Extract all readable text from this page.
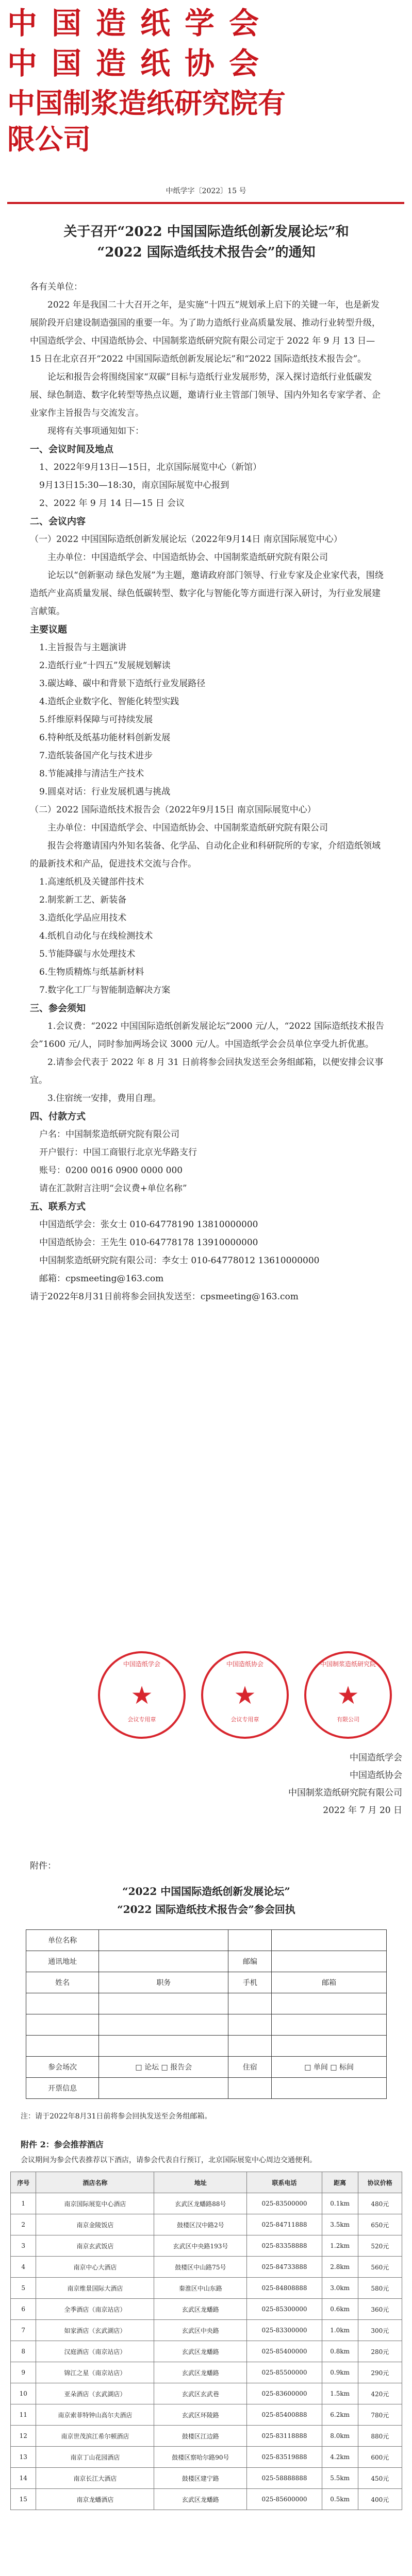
中国造纸学会
中国造纸协会
中国制浆造纸研究院有限公司
中纸学字〔2022〕15 号
关于召开“2022 中国国际造纸创新发展论坛”和
“2022 国际造纸技术报告会”的通知

各有关单位：

2022 年是我国二十大召开之年，是实施“十四五”规划承上启下的关键一年，也是新发展阶段开启建设制造强国的重要一年。为了助力造纸行业高质量发展、推动行业转型升级，中国造纸学会、中国造纸协会、中国制浆造纸研究院有限公司定于 2022 年 9 月 13 日—15 日在北京召开“2022 中国国际造纸创新发展论坛”和“2022 国际造纸技术报告会”。

论坛和报告会将围绕国家“双碳”目标与造纸行业发展形势，深入探讨造纸行业低碳发展、绿色制造、数字化转型等热点议题，邀请行业主管部门领导、国内外知名专家学者、企业家作主旨报告与交流发言。

现将有关事项通知如下：

一、会议时间及地点

1、2022年9月13日—15日，北京国际展览中心（新馆）

9月13日15:30—18:30，南京国际展览中心报到

2、2022 年 9 月 14 日—15 日 会议

二、会议内容

（一）2022 中国国际造纸创新发展论坛（2022年9月14日 南京国际展览中心）

主办单位：中国造纸学会、中国造纸协会、中国制浆造纸研究院有限公司

论坛以“创新驱动 绿色发展”为主题，邀请政府部门领导、行业专家及企业家代表，围绕造纸产业高质量发展、绿色低碳转型、数字化与智能化等方面进行深入研讨，为行业发展建言献策。

主要议题

1.主旨报告与主题演讲

2.造纸行业“十四五”发展规划解读

3.碳达峰、碳中和背景下造纸行业发展路径

4.造纸企业数字化、智能化转型实践

5.纤维原料保障与可持续发展

6.特种纸及纸基功能材料创新发展

7.造纸装备国产化与技术进步

8.节能减排与清洁生产技术

9.圆桌对话：行业发展机遇与挑战

（二）2022 国际造纸技术报告会（2022年9月15日 南京国际展览中心）

主办单位：中国造纸学会、中国造纸协会、中国制浆造纸研究院有限公司

报告会将邀请国内外知名装备、化学品、自动化企业和科研院所的专家，介绍造纸领域的最新技术和产品，促进技术交流与合作。

1.高速纸机及关键部件技术

2.制浆新工艺、新装备

3.造纸化学品应用技术

4.纸机自动化与在线检测技术

5.节能降碳与水处理技术

6.生物质精炼与纸基新材料

7.数字化工厂与智能制造解决方案

三、参会须知

1.会议费：“2022 中国国际造纸创新发展论坛”2000 元/人，“2022 国际造纸技术报告会”1600 元/人，同时参加两场会议 3000 元/人。中国造纸学会会员单位享受九折优惠。

2.请参会代表于 2022 年 8 月 31 日前将参会回执发送至会务组邮箱，以便安排会议事宜。

3.住宿统一安排，费用自理。

四、付款方式

户名：中国制浆造纸研究院有限公司

开户银行：中国工商银行北京光华路支行

账号：0200 0016 0900 0000 000

请在汇款附言注明“会议费+单位名称”

五、联系方式

中国造纸学会：张女士 010-64778190 13810000000

中国造纸协会：王先生 010-64778178 13910000000

中国制浆造纸研究院有限公司：李女士 010-64778012 13610000000

邮箱：cpsmeeting@163.com

请于2022年8月31日前将参会回执发送至：cpsmeeting@163.com

中国造纸学会
★
会议专用章
中国造纸协会
★
会议专用章
中国制浆造纸研究院
★
有限公司
中国造纸学会
中国造纸协会
中国制浆造纸研究院有限公司
2022 年 7 月 20 日

附件：

“2022 中国国际造纸创新发展论坛”
“2022 国际造纸技术报告会”参会回执
单位名称			
通讯地址		邮编	
姓名	职务	手机	邮箱

参会场次	□ 论坛 □ 报告会	住宿	□ 单间 □ 标间
开票信息			
注：请于2022年8月31日前将参会回执发送至会务组邮箱。
附件 2：参会推荐酒店
会议期间为参会代表推荐以下酒店，请参会代表自行预订，北京国际展览中心周边交通便利。
序号	酒店名称	地址	联系电话	距离	协议价格
1	南京国际展览中心酒店	玄武区龙蟠路88号	025-83500000	0.1km	480元
2	南京金陵饭店	鼓楼区汉中路2号	025-84711888	3.5km	650元
3	南京玄武饭店	玄武区中央路193号	025-83358888	1.2km	520元
4	南京中心大酒店	鼓楼区中山路75号	025-84733888	2.8km	560元
5	南京维景国际大酒店	秦淮区中山东路	025-84808888	3.0km	580元
6	全季酒店（南京站店）	玄武区龙蟠路	025-85300000	0.6km	360元
7	如家酒店（玄武湖店）	玄武区中央路	025-83300000	1.0km	300元
8	汉庭酒店（南京站店）	玄武区龙蟠路	025-85400000	0.8km	280元
9	锦江之星（南京站店）	玄武区龙蟠路	025-85500000	0.9km	290元
10	亚朵酒店（玄武湖店）	玄武区玄武巷	025-83600000	1.5km	420元
11	南京索菲特钟山高尔夫酒店	玄武区环陵路	025-85400888	6.2km	780元
12	南京世茂滨江希尔顿酒店	鼓楼区江边路	025-83118888	8.0km	880元
13	南京丁山花园酒店	鼓楼区察哈尔路90号	025-83519888	4.2km	600元
14	南京长江大酒店	鼓楼区建宁路	025-58888888	5.5km	450元
15	南京龙蟠酒店	玄武区龙蟠路	025-85600000	0.5km	400元
